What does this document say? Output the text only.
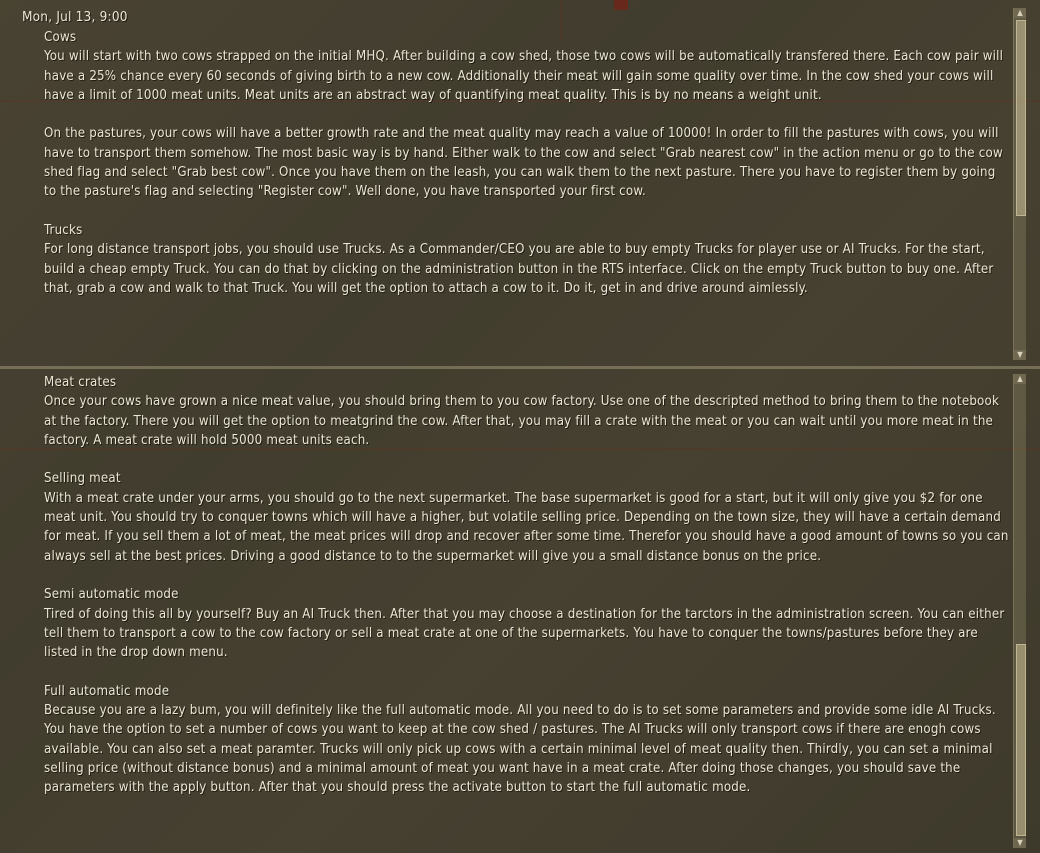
Mon, Jul 13, 9:00
Cows
You will start with two cows strapped on the initial MHQ. After building a cow shed, those two cows will be automatically transfered there. Each cow pair will have a 25% chance every 60 seconds of giving birth to a new cow. Additionally their meat will gain some quality over time. In the cow shed your cows will have a limit of 1000 meat units. Meat units are an abstract way of quantifying meat quality. This is by no means a weight unit.
On the pastures, your cows will have a better growth rate and the meat quality may reach a value of 10000! In order to fill the pastures with cows, you will have to transport them somehow. The most basic way is by hand. Either walk to the cow and select "Grab nearest cow" in the action menu or go to the cow shed flag and select "Grab best cow". Once you have them on the leash, you can walk them to the next pasture. There you have to register them by going to the pasture's flag and selecting "Register cow". Well done, you have transported your first cow.
Trucks
For long distance transport jobs, you should use Trucks. As a Commander/CEO you are able to buy empty Trucks for player use or AI Trucks. For the start, build a cheap empty Truck. You can do that by clicking on the administration button in the RTS interface. Click on the empty Truck button to buy one. After that, grab a cow and walk to that Truck. You will get the option to attach a cow to it. Do it, get in and drive around aimlessly.
Meat crates
Once your cows have grown a nice meat value, you should bring them to you cow factory. Use one of the descripted method to bring them to the notebook at the factory. There you will get the option to meatgrind the cow. After that, you may fill a crate with the meat or you can wait until you more meat in the factory. A meat crate will hold 5000 meat units each.
Selling meat
With a meat crate under your arms, you should go to the next supermarket. The base supermarket is good for a start, but it will only give you $2 for one meat unit. You should try to conquer towns which will have a higher, but volatile selling price. Depending on the town size, they will have a certain demand for meat. If you sell them a lot of meat, the meat prices will drop and recover after some time. Therefor you should have a good amount of towns so you can always sell at the best prices. Driving a good distance to to the supermarket will give you a small distance bonus on the price.
Semi automatic mode
Tired of doing this all by yourself? Buy an AI Truck then. After that you may choose a destination for the tarctors in the administration screen. You can either tell them to transport a cow to the cow factory or sell a meat crate at one of the supermarkets. You have to conquer the towns/pastures before they are listed in the drop down menu.
Full automatic mode
Because you are a lazy bum, you will definitely like the full automatic mode. All you need to do is to set some parameters and provide some idle AI Trucks. You have the option to set a number of cows you want to keep at the cow shed / pastures. The AI Trucks will only transport cows if there are enogh cows available. You can also set a meat paramter. Trucks will only pick up cows with a certain minimal level of meat quality then. Thirdly, you can set a minimal selling price (without distance bonus) and a minimal amount of meat you want have in a meat crate. After doing those changes, you should save the parameters with the apply button. After that you should press the activate button to start the full automatic mode.
▲
▼
▲
▼
